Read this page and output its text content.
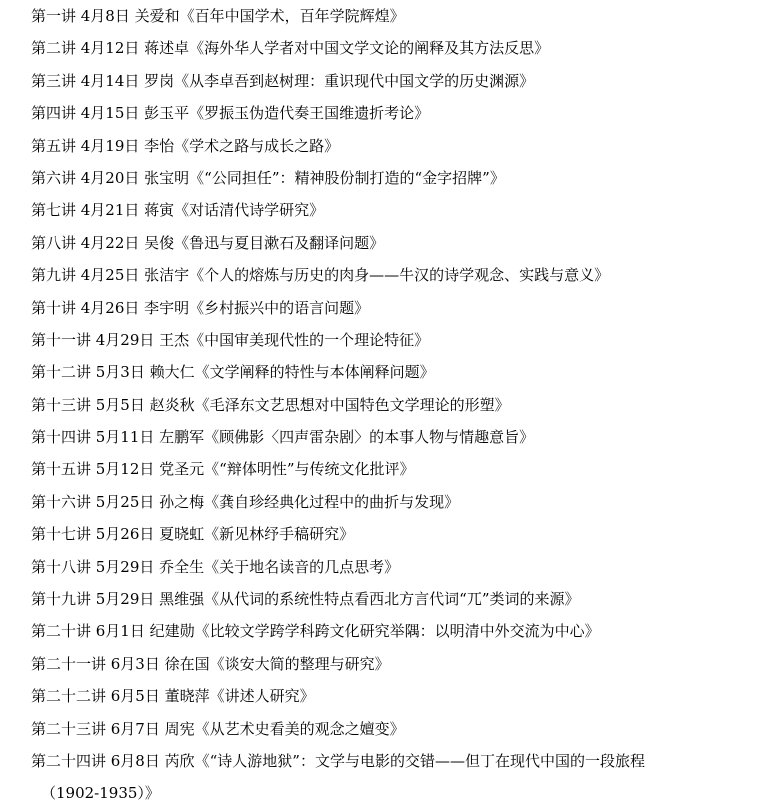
第一讲 4月8日 关爱和《百年中国学术，百年学院辉煌》
第二讲 4月12日 蒋述卓《海外华人学者对中国文学文论的阐释及其方法反思》
第三讲 4月14日 罗岗《从李卓吾到赵树理：重识现代中国文学的历史渊源》
第四讲 4月15日 彭玉平《罗振玉伪造代奏王国维遗折考论》
第五讲 4月19日 李怡《学术之路与成长之路》
第六讲 4月20日 张宝明《“公同担任”：精神股份制打造的“金字招牌”》
第七讲 4月21日 蒋寅《对话清代诗学研究》
第八讲 4月22日 吴俊《鲁迅与夏目漱石及翻译问题》
第九讲 4月25日 张洁宇《个人的熔炼与历史的肉身——牛汉的诗学观念、实践与意义》
第十讲 4月26日 李宇明《乡村振兴中的语言问题》
第十一讲 4月29日 王杰《中国审美现代性的一个理论特征》
第十二讲 5月3日 赖大仁《文学阐释的特性与本体阐释问题》
第十三讲 5月5日 赵炎秋《毛泽东文艺思想对中国特色文学理论的形塑》
第十四讲 5月11日 左鹏军《顾佛影〈四声雷杂剧〉的本事人物与情趣意旨》
第十五讲 5月12日 党圣元《“辩体明性”与传统文化批评》
第十六讲 5月25日 孙之梅《龚自珍经典化过程中的曲折与发现》
第十七讲 5月26日 夏晓虹《新见林纾手稿研究》
第十八讲 5月29日 乔全生《关于地名读音的几点思考》
第十九讲 5月29日 黑维强《从代词的系统性特点看西北方言代词“兀”类词的来源》
第二十讲 6月1日 纪建勋《比较文学跨学科跨文化研究举隅：以明清中外交流为中心》
第二十一讲 6月3日 徐在国《谈安大简的整理与研究》
第二十二讲 6月5日 董晓萍《讲述人研究》
第二十三讲 6月7日 周宪《从艺术史看美的观念之嬗变》
第二十四讲 6月8日 芮欣《“诗人游地狱”：文学与电影的交错——但丁在现代中国的一段旅程
（1902-1935）》
